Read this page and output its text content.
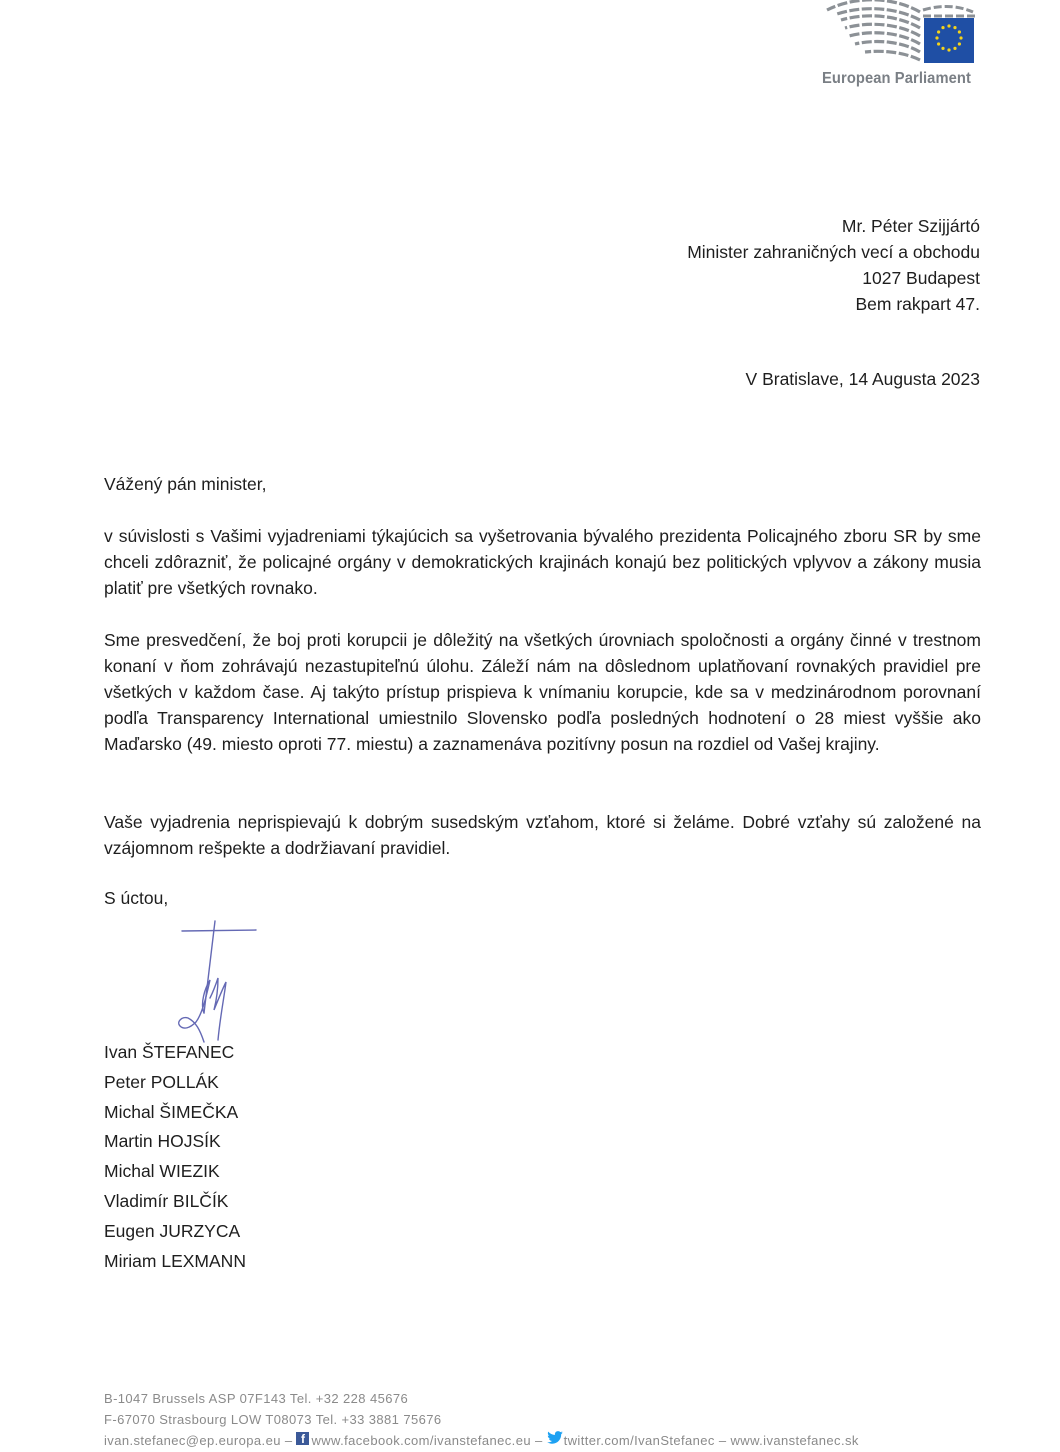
European Parliament
Mr. Péter Szijjártó
Minister zahraničných vecí a obchodu
1027 Budapest
Bem rakpart 47.
V Bratislave, 14 Augusta 2023
Vážený pán minister,
v súvislosti s Vašimi vyjadreniami týkajúcich sa vyšetrovania bývalého prezidenta Policajného zboru SR by sme chceli zdôrazniť, že policajné orgány v demokratických krajinách konajú bez politických vplyvov a zákony musia platiť pre všetkých rovnako.
Sme presvedčení, že boj proti korupcii je dôležitý na všetkých úrovniach spoločnosti a orgány činné v trestnom konaní v ňom zohrávajú nezastupiteľnú úlohu. Záleží nám na dôslednom uplatňovaní rovnakých pravidiel pre všetkých v každom čase. Aj takýto prístup prispieva k vnímaniu korupcie, kde sa v medzinárodnom porovnaní podľa Transparency International umiestnilo Slovensko podľa posledných hodnotení o 28 miest vyššie ako Maďarsko (49. miesto oproti 77. miestu) a zaznamenáva pozitívny posun na rozdiel od Vašej krajiny.
Vaše vyjadrenia neprispievajú k dobrým susedským vzťahom, ktoré si želáme. Dobré vzťahy sú založené na vzájomnom rešpekte a dodržiavaní pravidiel.
S úctou,
Ivan ŠTEFANEC
Peter POLLÁK
Michal ŠIMEČKA
Martin HOJSÍK
Michal WIEZIK
Vladimír BILČÍK
Eugen JURZYCA
Miriam LEXMANN
B-1047 Brussels ASP 07F143 Tel. +32 228 45676
F-67070 Strasbourg LOW T08073 Tel. +33 3881 75676
ivan.stefanec@ep.europa.eu – f www.facebook.com/ivanstefanec.eu – twitter.com/IvanStefanec – www.ivanstefanec.sk
